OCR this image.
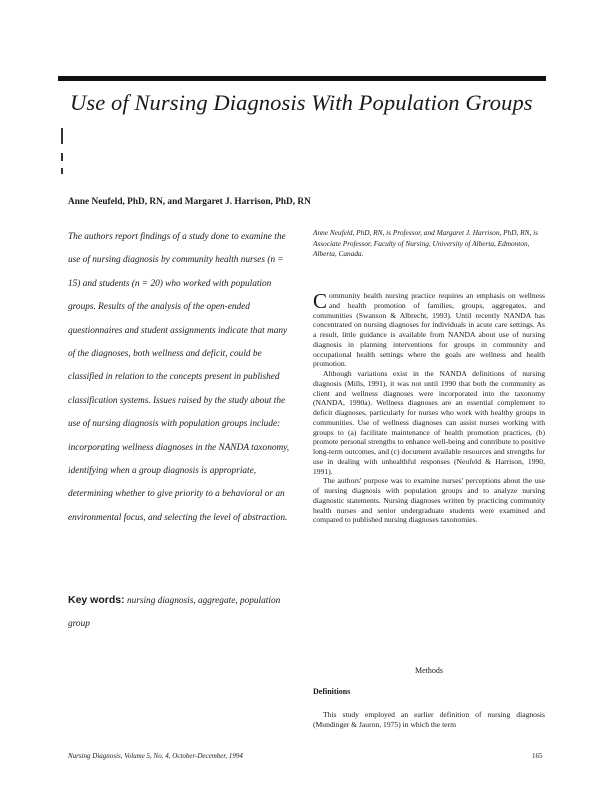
Use of Nursing Diagnosis With Population Groups
Anne Neufeld, PhD, RN, and Margaret J. Harrison, PhD, RN
The authors report findings of a study done to examine the use of nursing diagnosis by community health nurses (n = 15) and students (n = 20) who worked with population groups. Results of the analysis of the open-ended questionnaires and student assignments indicate that many of the diagnoses, both wellness and deficit, could be classified in relation to the concepts present in published classification systems. Issues raised by the study about the use of nursing diagnosis with population groups include: incorporating wellness diagnoses in the NANDA taxonomy, identifying when a group diagnosis is appropriate, determining whether to give priority to a behavioral or an environmental focus, and selecting the level of abstraction.
Key words: nursing diagnosis, aggregate, population group
Anne Neufeld, PhD, RN, is Professor, and Margaret J. Harrison, PhD, RN, is Associate Professor, Faculty of Nursing, University of Alberta, Edmonton, Alberta, Canada.

Community health nursing practice requires an emphasis on wellness and health promotion of families, groups, aggregates, and communities (Swanson & Albrecht, 1993). Until recently NANDA has concentrated on nursing diagnoses for individuals in acute care settings. As a result, little guidance is available from NANDA about use of nursing diagnosis in planning interventions for groups in community and occupational health settings where the goals are wellness and health promotion.

Although variations exist in the NANDA definitions of nursing diagnosis (Mills, 1991), it was not until 1990 that both the community as client and wellness diagnoses were incorporated into the taxonomy (NANDA, 1990a). Wellness diagnoses are an essential complement to deficit diagnoses, particularly for nurses who work with healthy groups in communities. Use of wellness diagnoses can assist nurses working with groups to (a) facilitate maintenance of health promotion practices, (b) promote personal strengths to enhance well-being and contribute to positive long-term outcomes, and (c) document available resources and strengths for use in dealing with unhealthful responses (Neufeld & Harrison, 1990, 1991).

The authors' purpose was to examine nurses' perceptions about the use of nursing diagnosis with population groups and to analyze nursing diagnostic statements. Nursing diagnoses written by practicing community health nurses and senior undergraduate students were examined and compared to published nursing diagnoses taxonomies.

Methods
Definitions

This study employed an earlier definition of nursing diagnosis (Mundinger & Jauron, 1975) in which the term

Nursing Diagnosis, Volume 5, No. 4, October-December, 1994	165
